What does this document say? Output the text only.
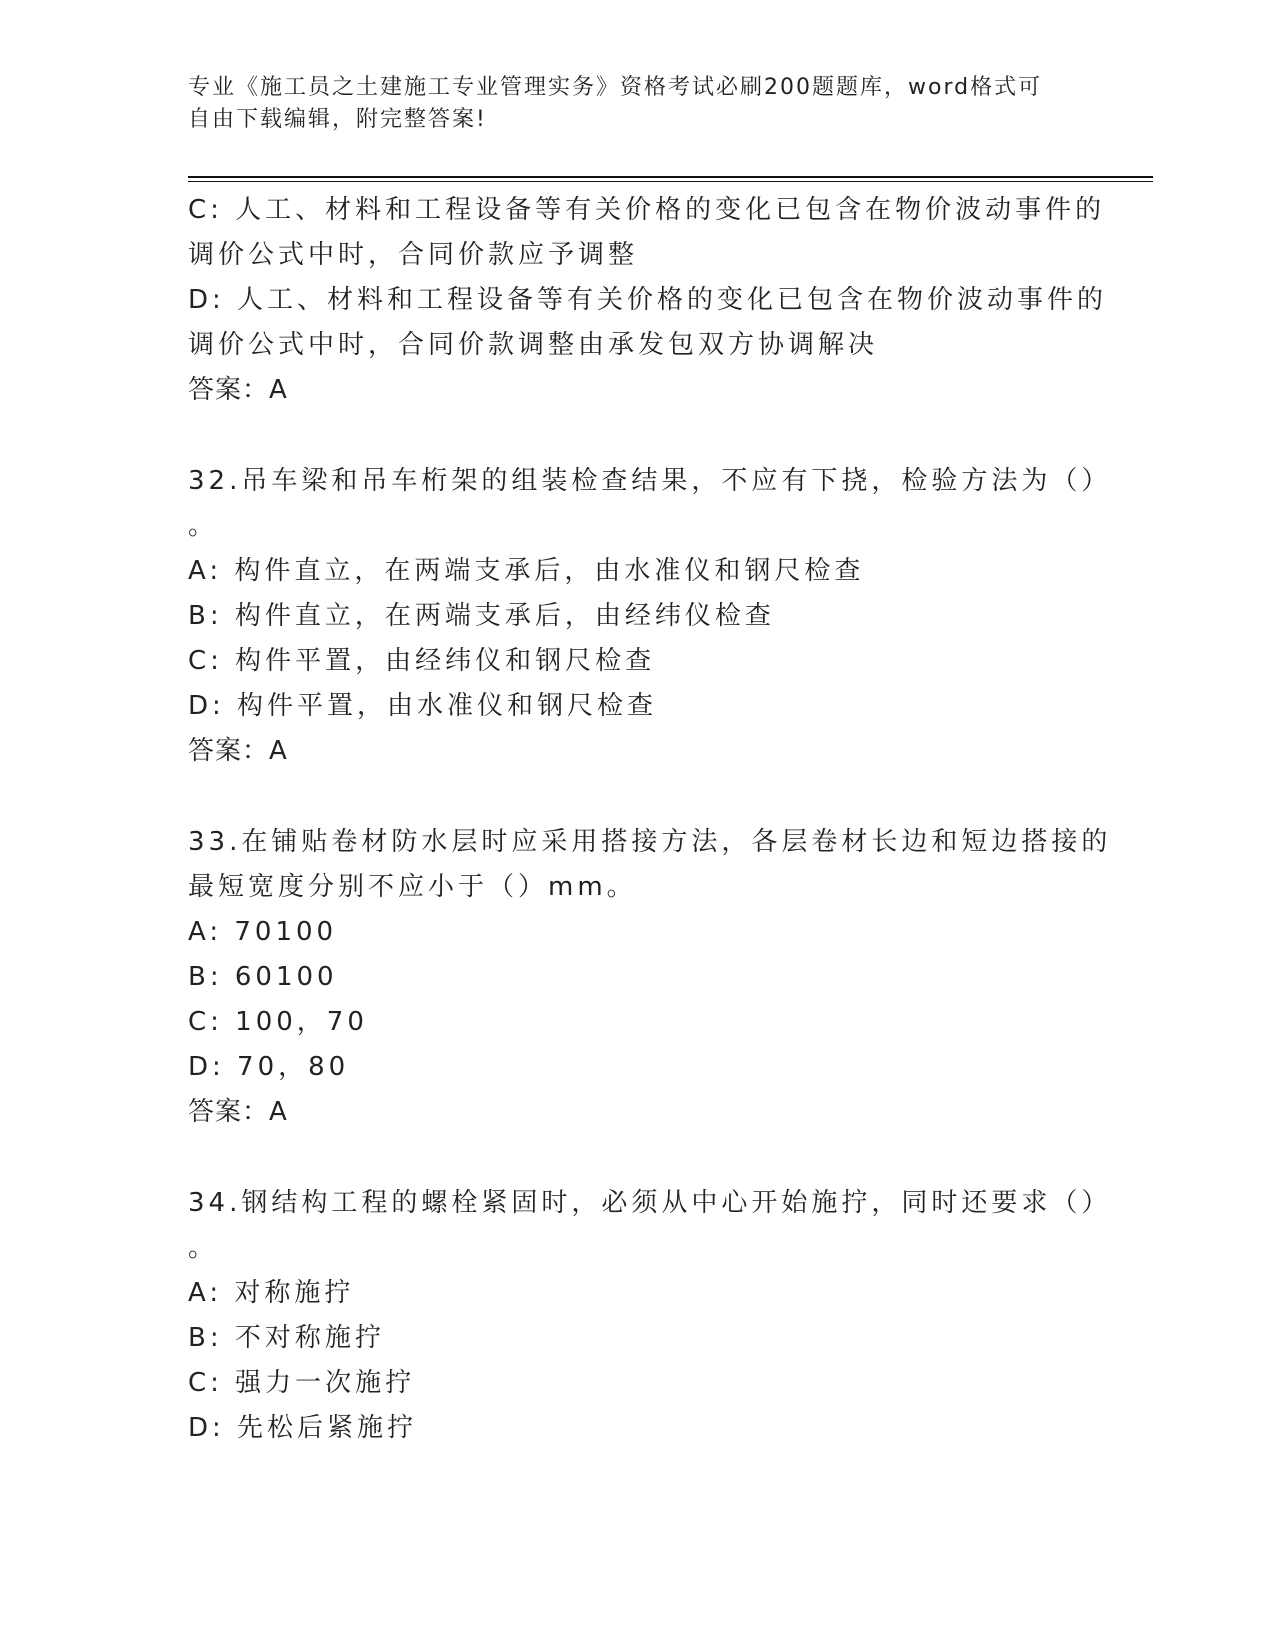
专业《施工员之土建施工专业管理实务》资格考试必刷200题题库，word格式可
自由下载编辑，附完整答案!
C: 人工、材料和工程设备等有关价格的变化已包含在物价波动事件的
调价公式中时，合同价款应予调整
D: 人工、材料和工程设备等有关价格的变化已包含在物价波动事件的
调价公式中时，合同价款调整由承发包双方协调解决
答案：A
32.吊车梁和吊车桁架的组装检查结果，不应有下挠，检验方法为（）
。
A: 构件直立，在两端支承后，由水准仪和钢尺检查
B: 构件直立，在两端支承后，由经纬仪检查
C: 构件平置，由经纬仪和钢尺检查
D: 构件平置，由水准仪和钢尺检查
答案：A
33.在铺贴卷材防水层时应采用搭接方法，各层卷材长边和短边搭接的
最短宽度分别不应小于（）mm。
A: 70100
B: 60100
C: 100，70
D: 70，80
答案：A
34.钢结构工程的螺栓紧固时，必须从中心开始施拧，同时还要求（）
。
A: 对称施拧
B: 不对称施拧
C: 强力一次施拧
D: 先松后紧施拧
